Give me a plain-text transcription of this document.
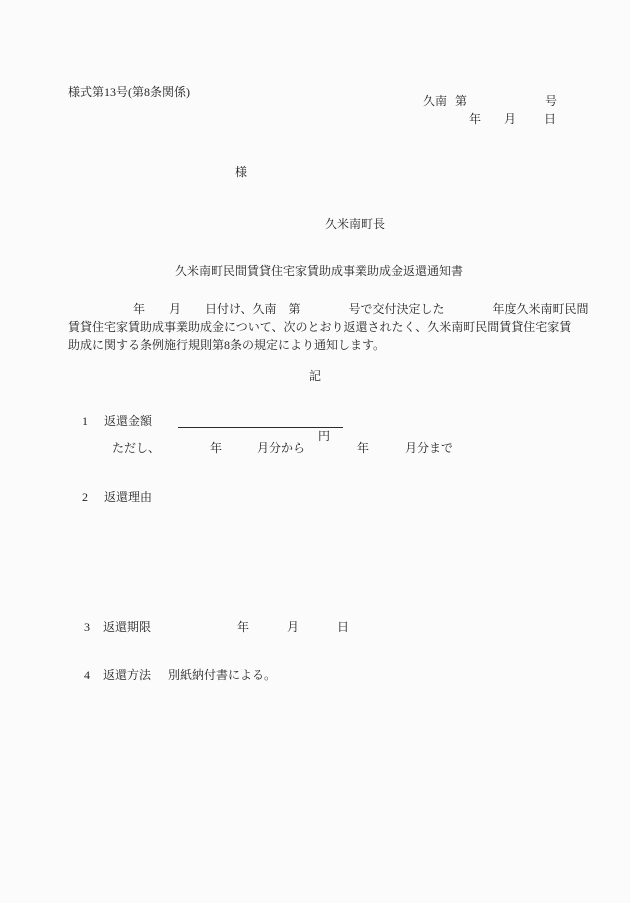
様式第13号(第8条関係)
久南 第	号
年 月 日
様
久米南町長
久米南町民間賃貸住宅家賃助成事業助成金返還通知書
年　　月　　日付け、久南　第　　　　号で交付決定した　　　　年度久米南町民間
賃貸住宅家賃助成事業助成金について、次のとおり返還されたく、久米南町民間賃貸住宅家賃
助成に関する条例施行規則第8条の規定により通知します。
記
1 返還金額

円

ただし、	年	月分から	年	月分まで
2 返還理由
3 返還期限	年	月	日
4 返還方法 別紙納付書による。
